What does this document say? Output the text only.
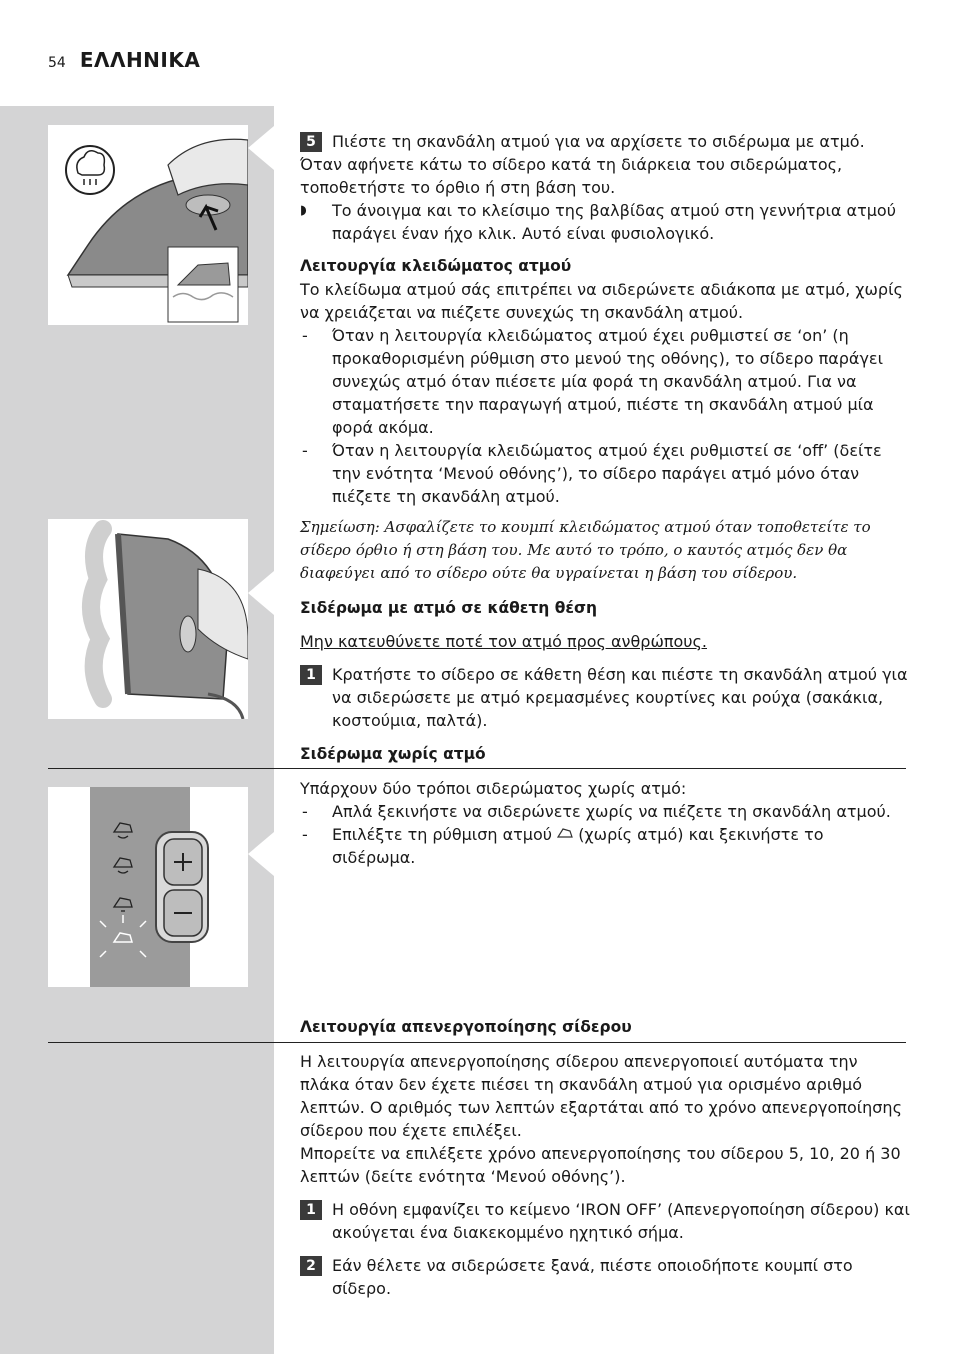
54 ΕΛΛΗΝΙΚΑ

5	Πιέστε τη σκανδάλη ατμού για να αρχίσετε το σιδέρωμα με ατμό.

Όταν αφήνετε κάτω το σίδερο κατά τη διάρκεια του σιδερώματος, τοποθετήστε το όρθιο ή στη βάση του.

◗ Το άνοιγμα και το κλείσιμο της βαλβίδας ατμού στη γεννήτρια ατμού παράγει έναν ήχο κλικ. Αυτό είναι φυσιολογικό.

Λειτουργία κλειδώματος ατμού

Το κλείδωμα ατμού σάς επιτρέπει να σιδερώνετε αδιάκοπα με ατμό, χωρίς να χρειάζεται να πιέζετε συνεχώς τη σκανδάλη ατμού.

- Όταν η λειτουργία κλειδώματος ατμού έχει ρυθμιστεί σε ‘on’ (η προκαθορισμένη ρύθμιση στο μενού της οθόνης), το σίδερο παράγει συνεχώς ατμό όταν πιέσετε μία φορά τη σκανδάλη ατμού. Για να σταματήσετε την παραγωγή ατμού, πιέστε τη σκανδάλη ατμού μία φορά ακόμα.

- Όταν η λειτουργία κλειδώματος ατμού έχει ρυθμιστεί σε ‘off’ (δείτε την ενότητα ‘Μενού οθόνης’), το σίδερο παράγει ατμό μόνο όταν πιέζετε τη σκανδάλη ατμού.

Σημείωση: Ασφαλίζετε το κουμπί κλειδώματος ατμού όταν τοποθετείτε το σίδερο όρθιο ή στη βάση του. Με αυτό το τρόπο, ο καυτός ατμός δεν θα διαφεύγει από το σίδερο ούτε θα υγραίνεται η βάση του σίδερου.

Σιδέρωμα με ατμό σε κάθετη θέση

Μην κατευθύνετε ποτέ τον ατμό προς ανθρώπους.

1	Κρατήστε το σίδερο σε κάθετη θέση και πιέστε τη σκανδάλη ατμού για να σιδερώσετε με ατμό κρεμασμένες κουρτίνες και ρούχα (σακάκια, κοστούμια, παλτά).

Σιδέρωμα χωρίς ατμό

Υπάρχουν δύο τρόποι σιδερώματος χωρίς ατμό:

- Απλά ξεκινήστε να σιδερώνετε χωρίς να πιέζετε τη σκανδάλη ατμού.

- Επιλέξτε τη ρύθμιση ατμού (χωρίς ατμό) και ξεκινήστε το σιδέρωμα.

Λειτουργία απενεργοποίησης σίδερου

Η λειτουργία απενεργοποίησης σίδερου απενεργοποιεί αυτόματα την πλάκα όταν δεν έχετε πιέσει τη σκανδάλη ατμού για ορισμένο αριθμό λεπτών. Ο αριθμός των λεπτών εξαρτάται από το χρόνο απενεργοποίησης σίδερου που έχετε επιλέξει.

Μπορείτε να επιλέξετε χρόνο απενεργοποίησης του σίδερου 5, 10, 20 ή 30 λεπτών (δείτε ενότητα ‘Μενού οθόνης’).

1	Η οθόνη εμφανίζει το κείμενο ‘IRON OFF’ (Απενεργοποίηση σίδερου) και ακούγεται ένα διακεκομμένο ηχητικό σήμα.

2	Εάν θέλετε να σιδερώσετε ξανά, πιέστε οποιοδήποτε κουμπί στο σίδερο.
